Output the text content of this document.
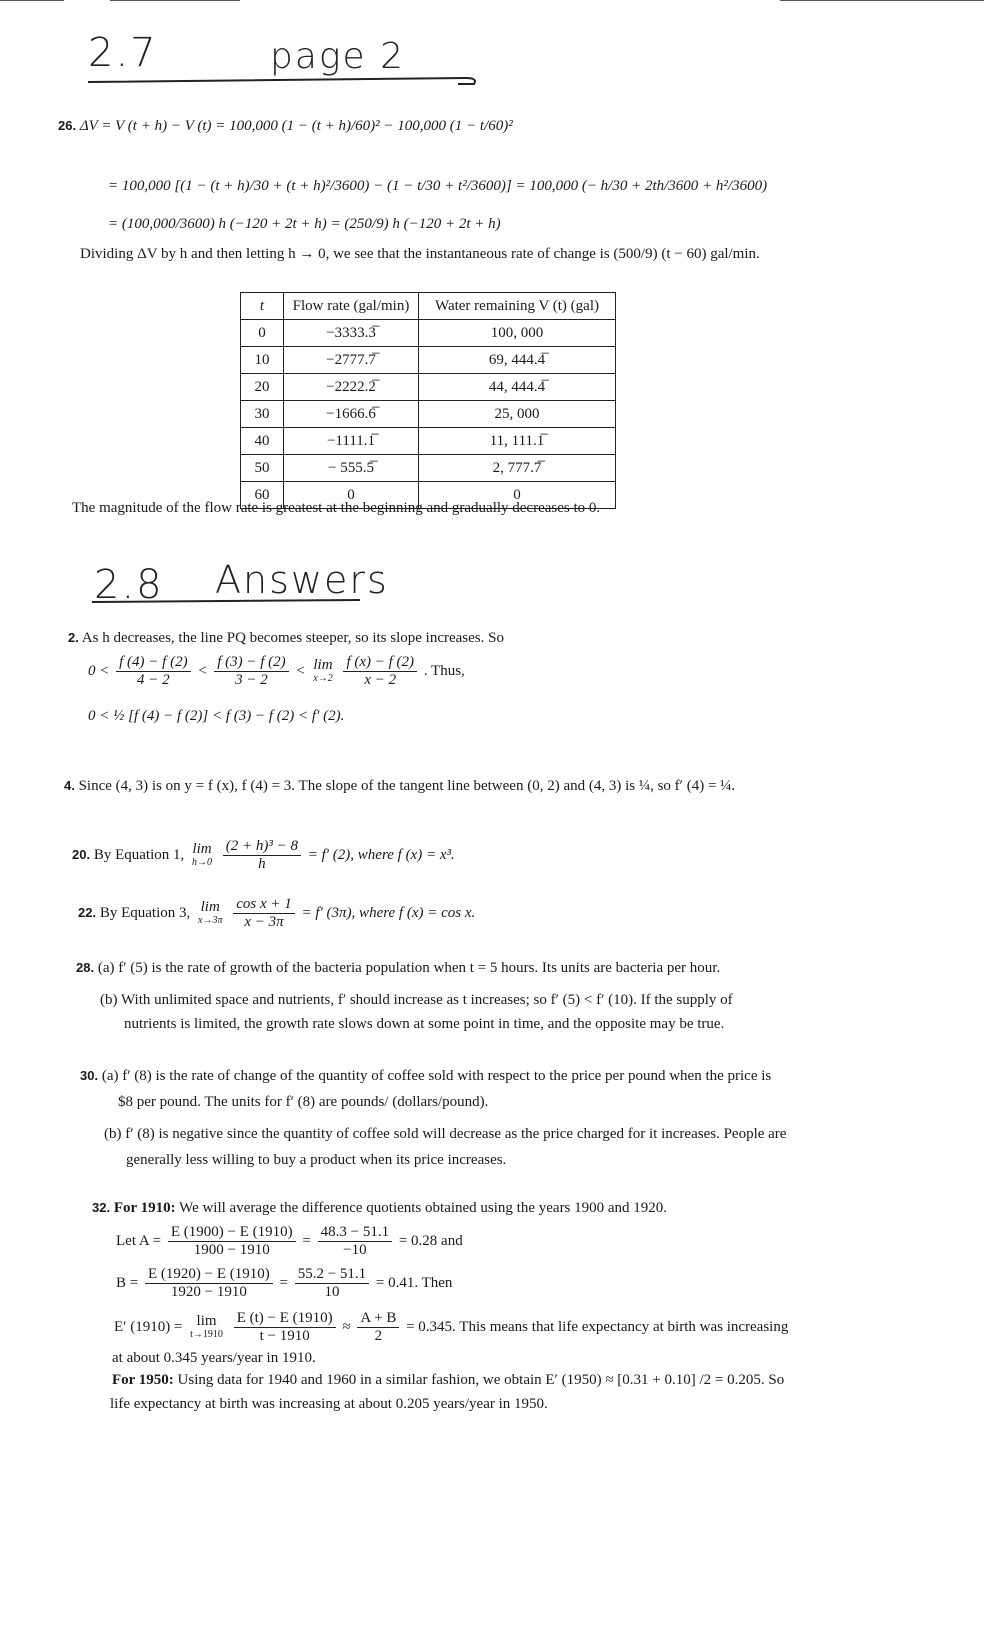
2.7	page 2
26. ΔV = V (t + h) − V (t) = 100,000 (1 − (t + h)/60)² − 100,000 (1 − t/60)²
= 100,000 [(1 − (t + h)/30 + (t + h)²/3600) − (1 − t/30 + t²/3600)] = 100,000 (− h/30 + 2th/3600 + h²/3600)
= (100,000/3600) h (−120 + 2t + h) = (250/9) h (−120 + 2t + h)
Dividing ΔV by h and then letting h → 0, we see that the instantaneous rate of change is (500/9) (t − 60) gal/min.
t	Flow rate (gal/min)	Water remaining V (t) (gal)
0	−3333.3̅	100, 000
10	−2777.7̅	69, 444.4̅
20	−2222.2̅	44, 444.4̅
30	−1666.6̅	25, 000
40	−1111.1̅	11, 111.1̅
50	− 555.5̅	2, 777.7̅
60	0	0
The magnitude of the flow rate is greatest at the beginning and gradually decreases to 0.
2.8 Answers
2. As h decreases, the line PQ becomes steeper, so its slope increases. So
$0 < \frac{f (4) - f (2)}{4 - 2} < \frac{f (3) - f (2)}{3 - 2} < \lim$
x→2
$\frac{f (x) - f (2)}{x - 2}$ . Thus,
0 < ½ [f (4) − f (2)] < f (3) − f (2) < f′ (2).
4. Since (4, 3) is on y = f (x), f (4) = 3. The slope of the tangent line between (0, 2) and (4, 3) is ¼, so f′ (4) = ¼.
20. By Equation 1, lim
h→0
$\frac{\text{(2 + h)³ − 8}}{h} = f'$ (2), where f (x) = x³.
22. By Equation 3, lim
x→3π
$\frac{\text{cos x + 1}}{x - 3\pi} = f'$ (3π), where f (x) = cos x.
28. (a) f′ (5) is the rate of growth of the bacteria population when t = 5 hours. Its units are bacteria per hour.
(b) With unlimited space and nutrients, f′ should increase as t increases; so f′ (5) < f′ (10). If the supply of
nutrients is limited, the growth rate slows down at some point in time, and the opposite may be true.
30. (a) f′ (8) is the rate of change of the quantity of coffee sold with respect to the price per pound when the price is
$8 per pound. The units for f′ (8) are pounds/ (dollars/pound).
(b) f′ (8) is negative since the quantity of coffee sold will decrease as the price charged for it increases. People are
generally less willing to buy a product when its price increases.
32. For 1910: We will average the difference quotients obtained using the years 1900 and 1920.
Let $A = \frac{E (1900) - E (1910)}{1900 - 1910} = \frac{48.3 - 51.1}{-10} = 0.28$ and
$B = \frac{E (1920) - E (1910)}{1920 - 1910} = \frac{55.2 - 51.1}{10} = 0.41$. Then
E′ (1910) = lim
t→1910
$\frac{E (t) - E (1910)}{t - 1910} \approx \frac{A + B}{2} = 0.345$. This means that life expectancy at birth was increasing
at about 0.345 years/year in 1910.
For 1950: Using data for 1940 and 1960 in a similar fashion, we obtain E′ (1950) ≈ [0.31 + 0.10] /2 = 0.205. So
life expectancy at birth was increasing at about 0.205 years/year in 1950.
